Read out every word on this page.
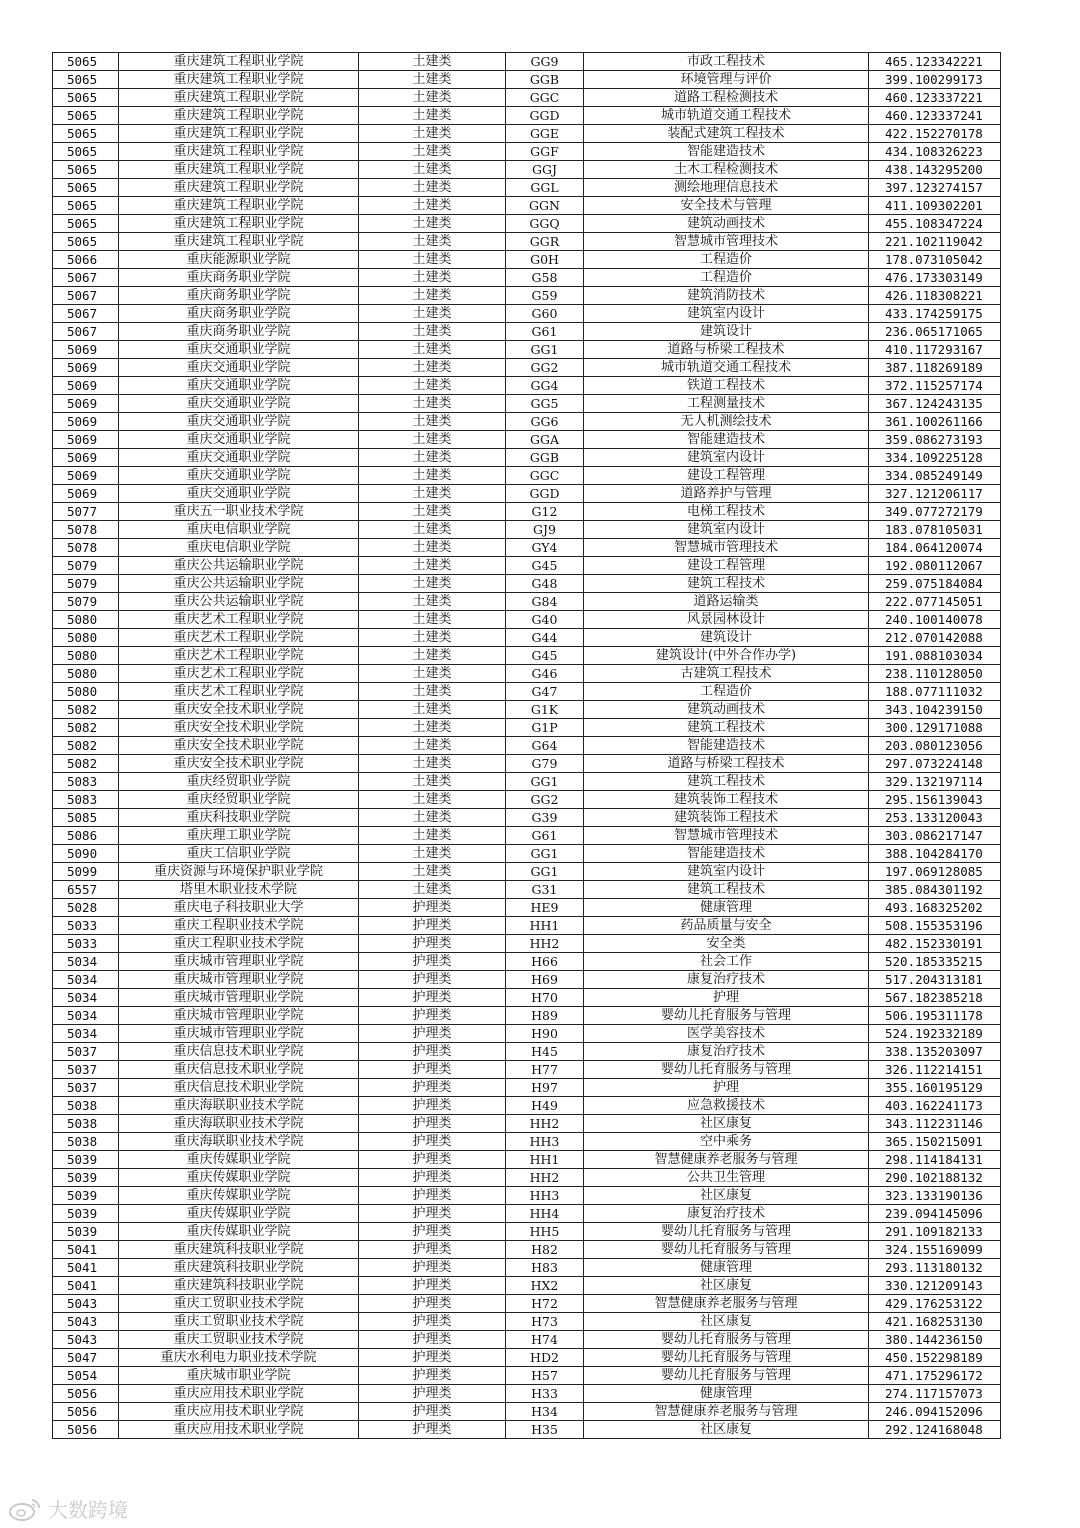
5065	重庆建筑工程职业学院	土建类	GG9	市政工程技术	465.123342221
5065	重庆建筑工程职业学院	土建类	GGB	环境管理与评价	399.100299173
5065	重庆建筑工程职业学院	土建类	GGC	道路工程检测技术	460.123337221
5065	重庆建筑工程职业学院	土建类	GGD	城市轨道交通工程技术	460.123337241
5065	重庆建筑工程职业学院	土建类	GGE	装配式建筑工程技术	422.152270178
5065	重庆建筑工程职业学院	土建类	GGF	智能建造技术	434.108326223
5065	重庆建筑工程职业学院	土建类	GGJ	土木工程检测技术	438.143295200
5065	重庆建筑工程职业学院	土建类	GGL	测绘地理信息技术	397.123274157
5065	重庆建筑工程职业学院	土建类	GGN	安全技术与管理	411.109302201
5065	重庆建筑工程职业学院	土建类	GGQ	建筑动画技术	455.108347224
5065	重庆建筑工程职业学院	土建类	GGR	智慧城市管理技术	221.102119042
5066	重庆能源职业学院	土建类	G0H	工程造价	178.073105042
5067	重庆商务职业学院	土建类	G58	工程造价	476.173303149
5067	重庆商务职业学院	土建类	G59	建筑消防技术	426.118308221
5067	重庆商务职业学院	土建类	G60	建筑室内设计	433.174259175
5067	重庆商务职业学院	土建类	G61	建筑设计	236.065171065
5069	重庆交通职业学院	土建类	GG1	道路与桥梁工程技术	410.117293167
5069	重庆交通职业学院	土建类	GG2	城市轨道交通工程技术	387.118269189
5069	重庆交通职业学院	土建类	GG4	铁道工程技术	372.115257174
5069	重庆交通职业学院	土建类	GG5	工程测量技术	367.124243135
5069	重庆交通职业学院	土建类	GG6	无人机测绘技术	361.100261166
5069	重庆交通职业学院	土建类	GGA	智能建造技术	359.086273193
5069	重庆交通职业学院	土建类	GGB	建筑室内设计	334.109225128
5069	重庆交通职业学院	土建类	GGC	建设工程管理	334.085249149
5069	重庆交通职业学院	土建类	GGD	道路养护与管理	327.121206117
5077	重庆五一职业技术学院	土建类	G12	电梯工程技术	349.077272179
5078	重庆电信职业学院	土建类	GJ9	建筑室内设计	183.078105031
5078	重庆电信职业学院	土建类	GY4	智慧城市管理技术	184.064120074
5079	重庆公共运输职业学院	土建类	G45	建设工程管理	192.080112067
5079	重庆公共运输职业学院	土建类	G48	建筑工程技术	259.075184084
5079	重庆公共运输职业学院	土建类	G84	道路运输类	222.077145051
5080	重庆艺术工程职业学院	土建类	G40	风景园林设计	240.100140078
5080	重庆艺术工程职业学院	土建类	G44	建筑设计	212.070142088
5080	重庆艺术工程职业学院	土建类	G45	建筑设计(中外合作办学)	191.088103034
5080	重庆艺术工程职业学院	土建类	G46	古建筑工程技术	238.110128050
5080	重庆艺术工程职业学院	土建类	G47	工程造价	188.077111032
5082	重庆安全技术职业学院	土建类	G1K	建筑动画技术	343.104239150
5082	重庆安全技术职业学院	土建类	G1P	建筑工程技术	300.129171088
5082	重庆安全技术职业学院	土建类	G64	智能建造技术	203.080123056
5082	重庆安全技术职业学院	土建类	G79	道路与桥梁工程技术	297.073224148
5083	重庆经贸职业学院	土建类	GG1	建筑工程技术	329.132197114
5083	重庆经贸职业学院	土建类	GG2	建筑装饰工程技术	295.156139043
5085	重庆科技职业学院	土建类	G39	建筑装饰工程技术	253.133120043
5086	重庆理工职业学院	土建类	G61	智慧城市管理技术	303.086217147
5090	重庆工信职业学院	土建类	GG1	智能建造技术	388.104284170
5099	重庆资源与环境保护职业学院	土建类	GG1	建筑室内设计	197.069128085
6557	塔里木职业技术学院	土建类	G31	建筑工程技术	385.084301192
5028	重庆电子科技职业大学	护理类	HE9	健康管理	493.168325202
5033	重庆工程职业技术学院	护理类	HH1	药品质量与安全	508.155353196
5033	重庆工程职业技术学院	护理类	HH2	安全类	482.152330191
5034	重庆城市管理职业学院	护理类	H66	社会工作	520.185335215
5034	重庆城市管理职业学院	护理类	H69	康复治疗技术	517.204313181
5034	重庆城市管理职业学院	护理类	H70	护理	567.182385218
5034	重庆城市管理职业学院	护理类	H89	婴幼儿托育服务与管理	506.195311178
5034	重庆城市管理职业学院	护理类	H90	医学美容技术	524.192332189
5037	重庆信息技术职业学院	护理类	H45	康复治疗技术	338.135203097
5037	重庆信息技术职业学院	护理类	H77	婴幼儿托育服务与管理	326.112214151
5037	重庆信息技术职业学院	护理类	H97	护理	355.160195129
5038	重庆海联职业技术学院	护理类	H49	应急救援技术	403.162241173
5038	重庆海联职业技术学院	护理类	HH2	社区康复	343.112231146
5038	重庆海联职业技术学院	护理类	HH3	空中乘务	365.150215091
5039	重庆传媒职业学院	护理类	HH1	智慧健康养老服务与管理	298.114184131
5039	重庆传媒职业学院	护理类	HH2	公共卫生管理	290.102188132
5039	重庆传媒职业学院	护理类	HH3	社区康复	323.133190136
5039	重庆传媒职业学院	护理类	HH4	康复治疗技术	239.094145096
5039	重庆传媒职业学院	护理类	HH5	婴幼儿托育服务与管理	291.109182133
5041	重庆建筑科技职业学院	护理类	H82	婴幼儿托育服务与管理	324.155169099
5041	重庆建筑科技职业学院	护理类	H83	健康管理	293.113180132
5041	重庆建筑科技职业学院	护理类	HX2	社区康复	330.121209143
5043	重庆工贸职业技术学院	护理类	H72	智慧健康养老服务与管理	429.176253122
5043	重庆工贸职业技术学院	护理类	H73	社区康复	421.168253130
5043	重庆工贸职业技术学院	护理类	H74	婴幼儿托育服务与管理	380.144236150
5047	重庆水利电力职业技术学院	护理类	HD2	婴幼儿托育服务与管理	450.152298189
5054	重庆城市职业学院	护理类	H57	婴幼儿托育服务与管理	471.175296172
5056	重庆应用技术职业学院	护理类	H33	健康管理	274.117157073
5056	重庆应用技术职业学院	护理类	H34	智慧健康养老服务与管理	246.094152096
5056	重庆应用技术职业学院	护理类	H35	社区康复	292.124168048
大数跨境
